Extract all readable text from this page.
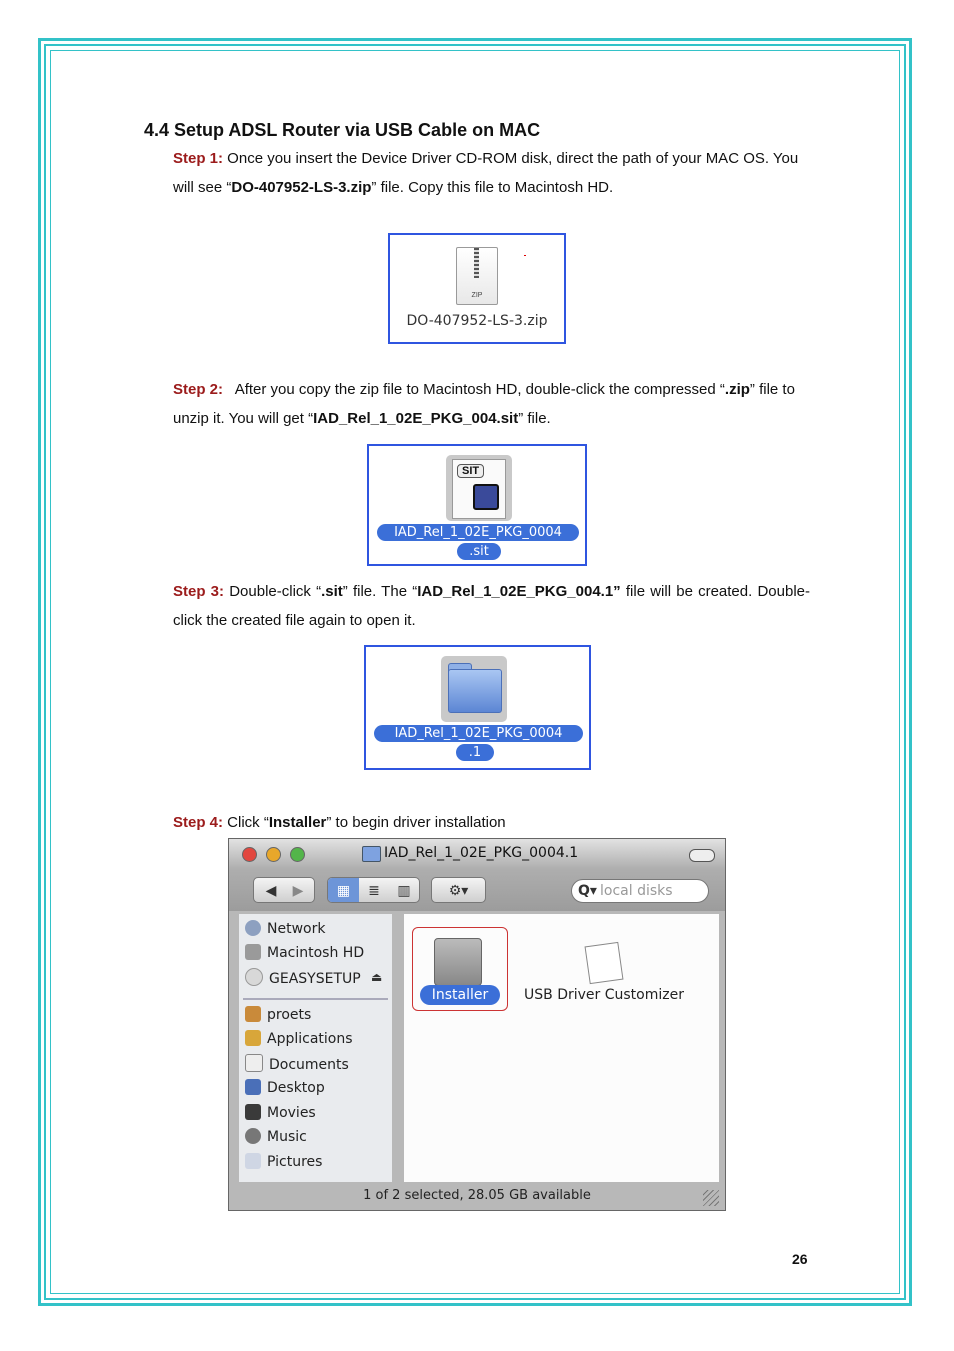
4.4 Setup ADSL Router via USB Cable on MAC
Step 1: Once you insert the Device Driver CD-ROM disk, direct the path of your MAC OS. You will see “DO-407952-LS-3.zip” file. Copy this file to Macintosh HD.
ZIP
DO-407952-LS-3.zip
Step 2:   After you copy the zip file to Macintosh HD, double-click the compressed “.zip” file to unzip it. You will get “IAD_Rel_1_02E_PKG_004.sit” file.
SIT
IAD_Rel_1_02E_PKG_0004
.sit
Step 3: Double-click “.sit” file. The “IAD_Rel_1_02E_PKG_004.1” file will be created. Double-click the created file again to open it.
IAD_Rel_1_02E_PKG_0004
.1
Step 4: Click “Installer” to begin driver installation
IAD_Rel_1_02E_PKG_0004.1
◀	▶	▦	≣	▥	⚙▾	Q▾ local disks
Network
Macintosh HD
GEASYSETUP ⏏
proets
Applications
Documents
Desktop
Movies
Music
Pictures
Installer	USB Driver Customizer
1 of 2 selected, 28.05 GB available
26
